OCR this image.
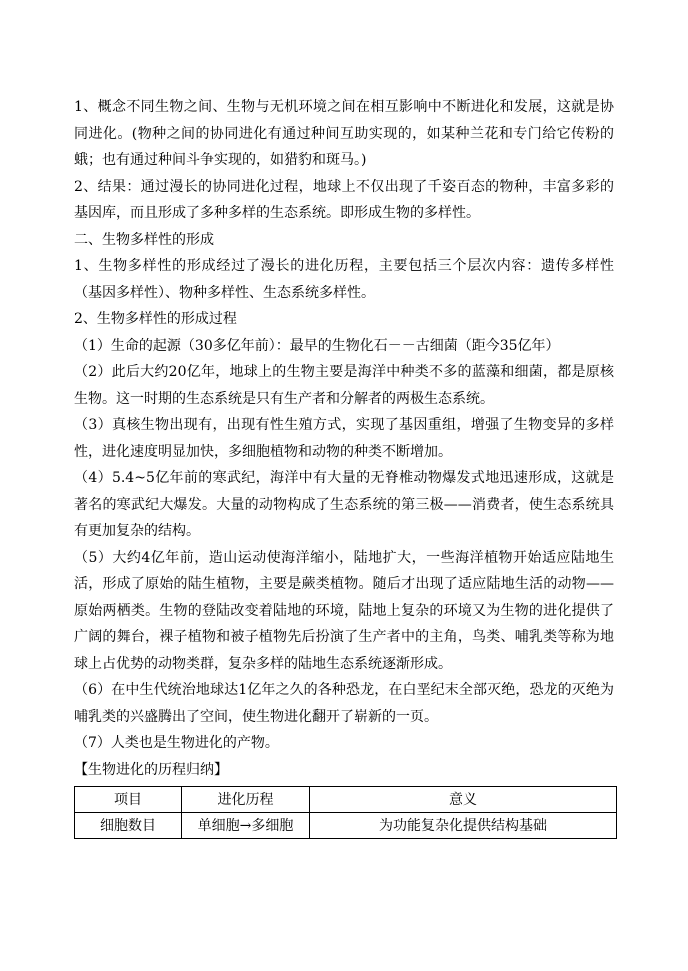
1、概念不同生物之间、生物与无机环境之间在相互影响中不断进化和发展，这就是协同进化。(物种之间的协同进化有通过种间互助实现的，如某种兰花和专门给它传粉的蛾；也有通过种间斗争实现的，如猎豹和斑马。)

2、结果：通过漫长的协同进化过程，地球上不仅出现了千姿百态的物种，丰富多彩的基因库，而且形成了多种多样的生态系统。即形成生物的多样性。

二、生物多样性的形成

1、生物多样性的形成经过了漫长的进化历程，主要包括三个层次内容：遗传多样性（基因多样性）、物种多样性、生态系统多样性。

2、生物多样性的形成过程

（1）生命的起源（30多亿年前）：最早的生物化石－－古细菌（距今35亿年）

（2）此后大约20亿年，地球上的生物主要是海洋中种类不多的蓝藻和细菌，都是原核生物。这一时期的生态系统是只有生产者和分解者的两极生态系统。

（3）真核生物出现有，出现有性生殖方式，实现了基因重组，增强了生物变异的多样性，进化速度明显加快，多细胞植物和动物的种类不断增加。

（4）5.4~5亿年前的寒武纪，海洋中有大量的无脊椎动物爆发式地迅速形成，这就是著名的寒武纪大爆发。大量的动物构成了生态系统的第三极——消费者，使生态系统具有更加复杂的结构。

（5）大约4亿年前，造山运动使海洋缩小，陆地扩大，一些海洋植物开始适应陆地生活，形成了原始的陆生植物，主要是蕨类植物。随后才出现了适应陆地生活的动物——原始两栖类。生物的登陆改变着陆地的环境，陆地上复杂的环境又为生物的进化提供了广阔的舞台，裸子植物和被子植物先后扮演了生产者中的主角，鸟类、哺乳类等称为地球上占优势的动物类群，复杂多样的陆地生态系统逐渐形成。

（6）在中生代统治地球达1亿年之久的各种恐龙，在白垩纪末全部灭绝，恐龙的灭绝为哺乳类的兴盛腾出了空间，使生物进化翻开了崭新的一页。

（7）人类也是生物进化的产物。

【生物进化的历程归纳】

项目	进化历程	意义
细胞数目	单细胞→多细胞	为功能复杂化提供结构基础
